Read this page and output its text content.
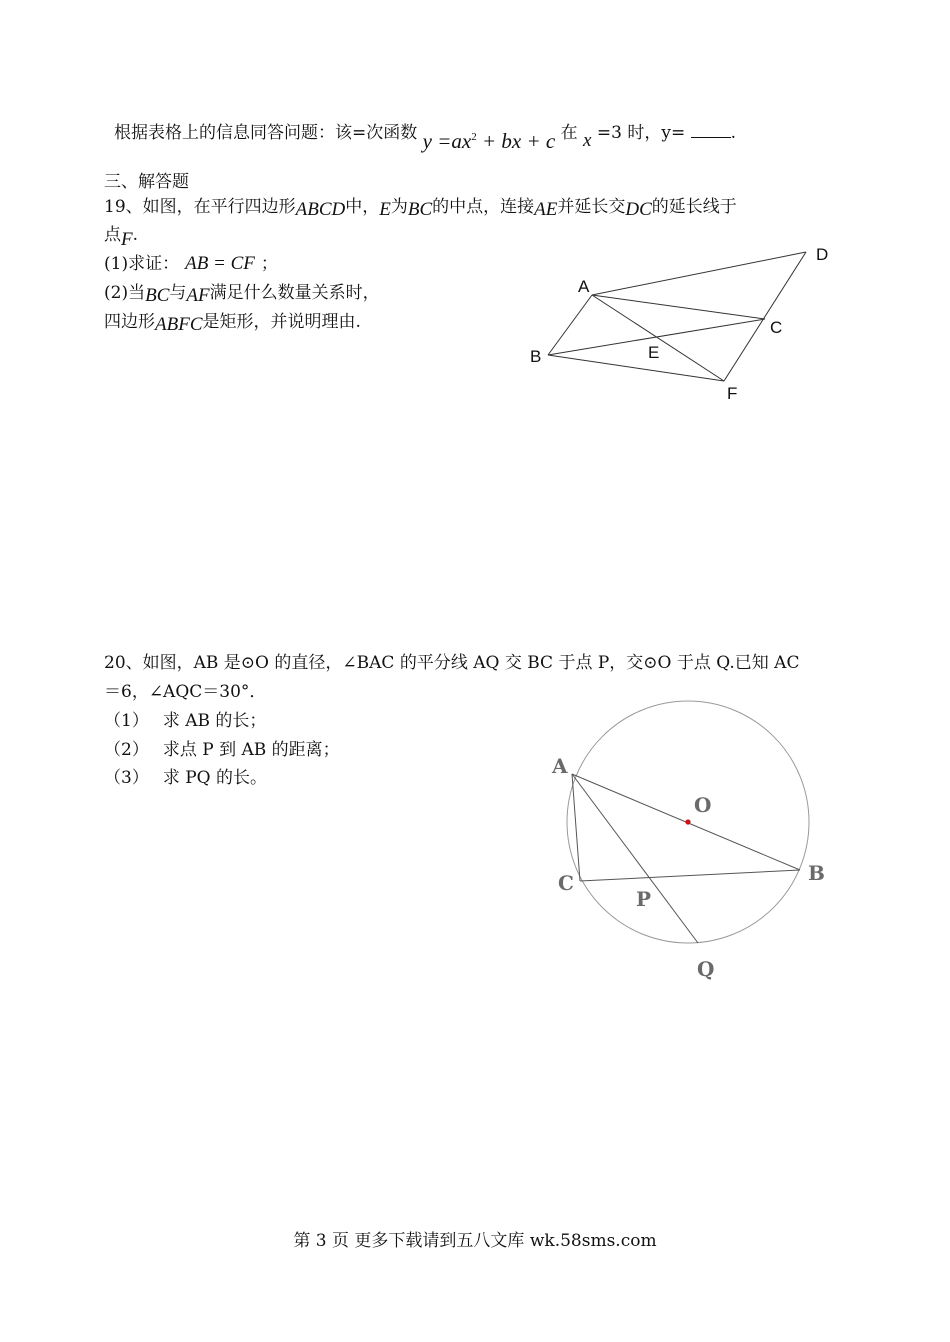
根据表格上的信息同答问题：该=次函数 $y =ax^2$ + bx + c 在 x =3 时，y= .
三、解答题
19、如图，在平行四边形ABCD中，E为BC的中点，连接AE并延长交DC的延长线于
点F.
(1)求证： AB = CF ；
(2)当BC与AF满足什么数量关系时，
四边形ABFC是矩形，并说明理由.
A
D
C
B	E
F
20、如图，AB 是⊙O 的直径，∠BAC 的平分线 AQ 交 BC 于点 P，交⊙O 于点 Q.已知 AC
＝6，∠AQC＝30°．
（1） 求 AB 的长；
（2） 求点 P 到 AB 的距离；
（3） 求 PQ 的长。	A
O
B
C
P
Q
第 3 页 更多下载请到五八文库 wk.58sms.com
